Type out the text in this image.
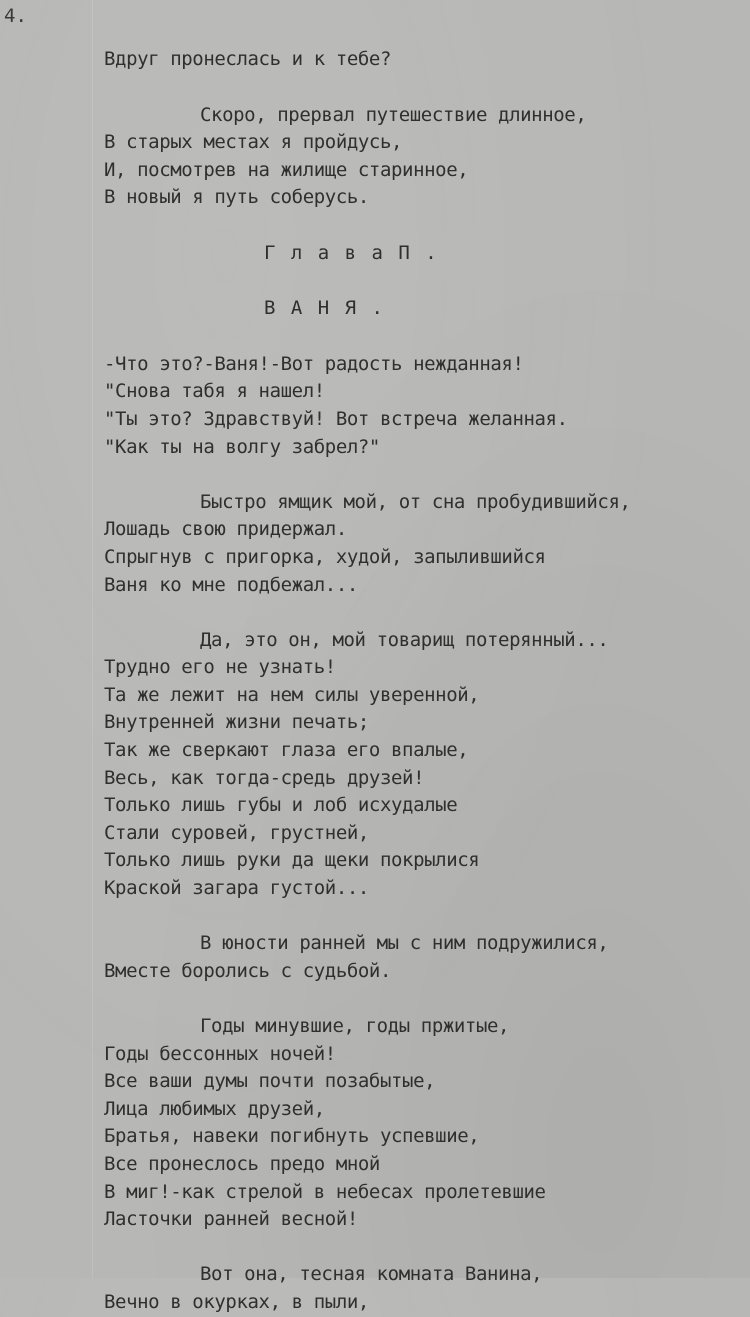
4.

Вдруг пронеслась и к тебе?
Скоро, прервал путешествие длинное,
В старых местах я пройдусь,
И, посмотрев на жилище старинное,
В новый я путь соберусь.
Г л а в а П .
В А Н Я .
-Что это?-Ваня!-Вот радость нежданная!
"Снова табя я нашел!
"Ты это? Здравствуй! Вот встреча желанная.
"Как ты на волгу забрел?"
Быстро ямщик мой, от сна пробудившийся,
Лошадь свою придержал.
Спрыгнув с пригорка, худой, запылившийся
Ваня ко мне подбежал...
Да, это он, мой товарищ потерянный...
Трудно его не узнать!
Та же лежит на нем силы уверенной,
Внутренней жизни печать;
Так же сверкают глаза его впалые,
Весь, как тогда-средь друзей!
Только лишь губы и лоб исхудалые
Стали суровей, грустней,
Только лишь руки да щеки покрылися
Краской загара густой...
В юности ранней мы с ним подружилися,
Вместе боролись с судьбой.
Годы минувшие, годы пржитые,
Годы бессонных ночей!
Все ваши думы почти позабытые,
Лица любимых друзей,
Братья, навеки погибнуть успевшие,
Все пронеслось предо мной
В миг!-как стрелой в небесах пролетевшие
Ласточки ранней весной!
Вот она, тесная комната Ванина,
Вечно в окурках, в пыли,
